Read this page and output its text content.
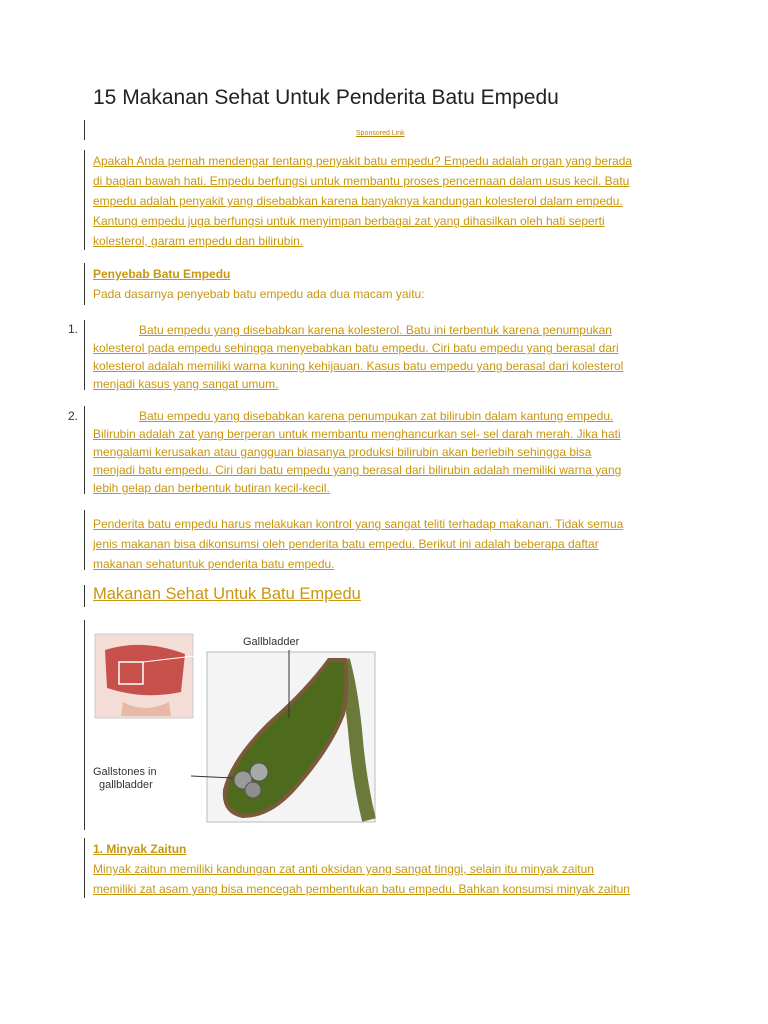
15 Makanan Sehat Untuk Penderita Batu Empedu
Sponsored Link
Apakah Anda pernah mendengar tentang penyakit batu empedu? Empedu adalah organ yang berada
di bagian bawah hati. Empedu berfungsi untuk membantu proses pencernaan dalam usus kecil. Batu
empedu adalah penyakit yang disebabkan karena banyaknya kandungan kolesterol dalam empedu.
Kantung empedu juga berfungsi untuk menyimpan berbagai zat yang dihasilkan oleh hati seperti
kolesterol, garam empedu dan bilirubin.
Penyebab Batu Empedu
Pada dasarnya penyebab batu empedu ada dua macam yaitu:
1.	Batu empedu yang disebabkan karena kolesterol. Batu ini terbentuk karena penumpukan
kolesterol pada empedu sehingga menyebabkan batu empedu. Ciri batu empedu yang berasal dari
kolesterol adalah memiliki warna kuning kehijauan. Kasus batu empedu yang berasal dari kolesterol
menjadi kasus yang sangat umum.
2.	Batu empedu yang disebabkan karena penumpukan zat bilirubin dalam kantung empedu.
Bilirubin adalah zat yang berperan untuk membantu menghancurkan sel- sel darah merah. Jika hati
mengalami kerusakan atau gangguan biasanya produksi bilirubin akan berlebih sehingga bisa
menjadi batu empedu. Ciri dari batu empedu yang berasal dari bilirubin adalah memiliki warna yang
lebih gelap dan berbentuk butiran kecil-kecil.
Penderita batu empedu harus melakukan kontrol yang sangat teliti terhadap makanan. Tidak semua
jenis makanan bisa dikonsumsi oleh penderita batu empedu. Berikut ini adalah beberapa daftar
makanan sehatuntuk penderita batu empedu.
Makanan Sehat Untuk Batu Empedu
Gallbladder
Gallstones in
gallbladder
1. Minyak Zaitun
Minyak zaitun memiliki kandungan zat anti oksidan yang sangat tinggi, selain itu minyak zaitun
memiliki zat asam yang bisa mencegah pembentukan batu empedu. Bahkan konsumsi minyak zaitun
